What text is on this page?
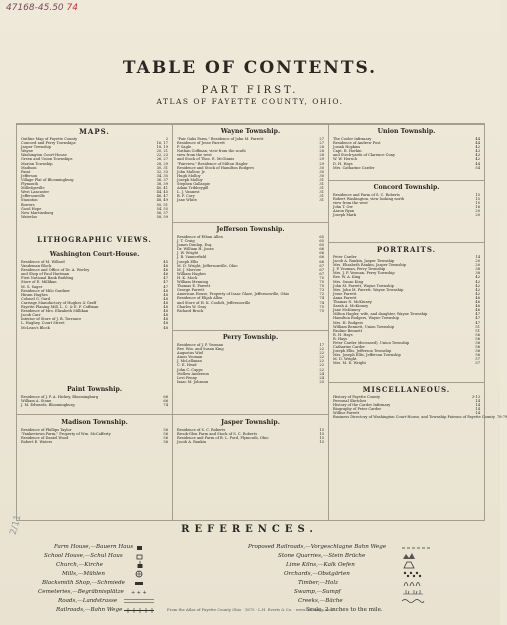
47168-45.50 74
TABLE OF CONTENTS.
PART FIRST.
ATLAS OF FAYETTE COUNTY, OHIO.
MAPS.
Outline Map of Fayette County	2
Concord and Perry Townships	16, 17
Jasper Township	18, 19
Wayne	20, 21
Washington Court-House	22, 23
Green and Union Townships	26, 27
Marion Township	28, 29
Madison	30, 31
Paint	32, 33
Jefferson	34, 35
Village Plat of Bloomingburg	36, 37
Plymouth	38, 39
Milledgeville	40, 41
West Lancaster	44, 45
Jeffersonville	46, 47
Staunton	48, 49
Bowers	50, 51
Good Hope	54, 55
New Martinsburg	56, 57
Waterloo	58, 59
LITHOGRAPHIC VIEWS.
Washington Court-House.
Residence of M. Willard	45
Vandeman Block	46
Residence and Office of Dr. A. Worley	46
and Shop of Paul Hartman	46
First National Bank Building	47
Store of E. Millikan	47
M. S. Sager	47
Residence of Milo Gardner	48
Hiram Hughes	48
Colonel G. Gard	48
Carriage Manufactory of Hughes & Graff	48
Fayette Planing Mill, L. C. & E. F. Coffman	48
Residence of Mrs. Elizabeth Millikan	48
Jacob Carr	48
Interior of Store of J. B. Torrance	48
L. Hughey, Court Street	48
McLean's Block	48
Paint Township.
Residence of J. P. A. Hickey, Bloomingburg	66
William A. Stone	66
J. M. Edwards, Bloomingburg	74
Madison Township.
Residence of Phillips Taylor	56
"Yankeetown Farm," Property of Wm. McCafferty	56
Residence of Daniel Wood	56
Robert E. Waters	56
Wayne Township.
"Fair Oaks Farm," Residence of John M. Parrett	27
Residence of Jesse Parrett	27
P. Sagle	28
Nathan Coffman, view from the south	28
view from the west	28
and Stock of Thos. E. McGinnis	29
"Fairview," Residence of Milton Hagler	29
Residence and Stock of Hamilton Rodgers	30
John Mallow, Jr.	30
Hugh Molloy	30
Joseph Molloy	31
Stephen Gallaspie	31
Adam Tribbeygill	31
L. J. Vannest	31
B. F. Cory	31
Jane White	31
Jefferson Township.
Residence of Ethan Allen	65
J. T. Craig	65
James Dunlap, Esq.	65
Dr. William H. Jones	66
J. W. Wright	66
J. R. Vannerfield	66
Joseph Ellis	66
M. D. Wright, Jeffersonville, Ohio	67
M. J. Morrow	67
William Hughes	67
H. K. Mock	70
William Menning	70
Thomas E. Parrett	70
George Parrett	73
American House, Property of Isaac Glaze, Jeffersonville, Ohio	72
Residence of Elijah Allen	74
and Store of H. K. Coolidt, Jeffersonville	74
Charles W. Gray	75
Richard Brock	75
Perry Township.
Residence of J. P. Yeoman	17
Rev. Wm. and Susan King	22
Augustus Wiel	22
Amos Yeoman	22
J. McLellanan	22
C. E. Head	22
John C. Capps	22
Mellow Anderson	24
Levi Fenny	24
Isaac M. Johnson	25
Jasper Township.
Residence of S. C. Roberts	15
Brook-Glen Farm and Stock of S. C. Roberts	15
Residence and Farm of B. L. Ford, Plymouth, Ohio	15
Jacob A. Rankin	15
Union Township.
The Cooler Infirmary	44
Residence of Andrew Post	44
Josiah Hopkins	42
Capt. R. Horkin	43
and Stock-yards of Clarence Cuny	43
W. W. Horsch	42
D. H. Hays	44
Mrs. Catharine Carder	54
Concord Township.
Residence and Farm of S. C. Roberts	15
Robert Washington, view looking north	15
view from the west	15
John T. Orr	16
Aaron Ryan	20
Joseph Mark	20
PORTRAITS.
Peter Carder	14
Jacob A. Rankin, Jasper Township	20
Mrs. Elizabeth Rankin, Jasper Township	20
J. P. Yeoman, Perry Township	38
Mrs. J. P. Yeoman, Perry Township	38
Rev. W. A. King	42
Mrs. Susan King	42
John M. Parrett, Wayne Township	42
Mrs. John M. Parrett, Wayne Township	42
Jesse Parrett	42
Anna Parrett	46
Thomas N. McKinney	46
Sarah A. McKinney	46
Jane McKinney	46
Milton Hagler, wife, and daughter, Wayne Township	47
Hamilton Rodgers, Wayne Township	47
Mrs. H. Rodgers	47
William Bennett, Union Township	51
Pauline Bennett	51
R. H. Hays	56
R. Hays	56
Peter Carder (deceased), Union Township	56
Catharine Carder	56
Joseph Ellis, Jefferson Township	56
Mrs. Joseph Ellis, Jefferson Township	56
M. D. Wright	57
Mrs. M. D. Wright	57
MISCELLANEOUS.
History of Fayette County	3-13
Personal Sketches	14
History of the Carder Infirmary	14
Biography of Peter Carder	14
Wilbur Parrett	14
Business Directory of Washington Court-House, and Township Patrons of Fayette County 78-79
REFERENCES.
Farm House,—Bauern Haus
School House,—Schul Haus
Church,—Kirche
Mills,—Mühlen
Blacksmith Shop,—Schmiede
Cemeteries,—Begräbnisplätze + + +
Roads,—Landstrasse
Railroads,—Bahn Wege
Proposed Railroads,—Vorgeschlagne Bahn Wege
Stone Quarries,—Stein Brüche
Lime Kilns,—Kalk Oefen
Orchards,—Obstgärten
Timber,—Holz
Swamp,—Sumpf
Creeks,—Bäche
Scale, 2 inches to the mile.
From the Atlas of Fayette County Ohio · 1875 · L.H. Everts & Co. · www.old-maps.com
2/11
